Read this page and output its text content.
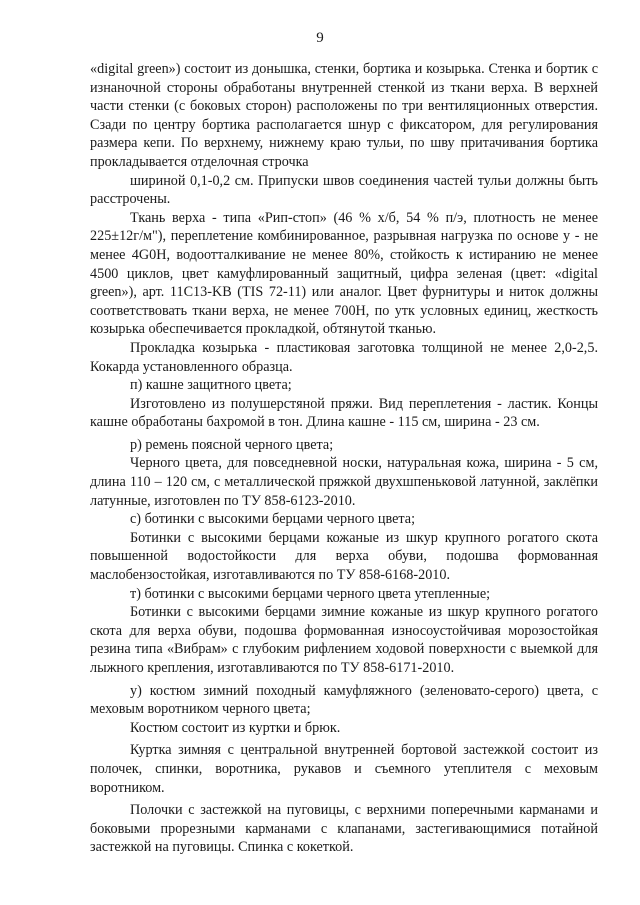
9

«digital green») состоит из донышка, стенки, бортика и козырька. Стенка и бортик с изнаночной стороны обработаны внутренней стенкой из ткани верха. В верхней части стенки (с боковых сторон) расположены по три вентиляционных отверстия. Сзади по центру бортика располагается шнур с фиксатором, для регулирования размера кепи. По верхнему, нижнему краю тульи, по шву притачивания бортика прокладывается отделочная строчка

шириной 0,1-0,2 см. Припуски швов соединения частей тульи должны быть расстрочены.

Ткань верха - типа «Рип-стоп» (46 % х/б, 54 % п/э, плотность не менее 225±12г/м"), переплетение комбинированное, разрывная нагрузка по основе у - не менее 4G0H, водоотталкивание не менее 80%, стойкость к истиранию не менее 4500 циклов, цвет камуфлированный защитный, цифра зеленая (цвет: «digital green»), арт. 11C13-KB (TIS 72-11) или аналог. Цвет фурнитуры и ниток должны соответствовать ткани верха, не менее 700Н, по утк условных единиц, жесткость козырька обеспечивается прокладкой, обтянутой тканью.

Прокладка козырька - пластиковая заготовка толщиной не менее 2,0-2,5. Кокарда установленного образца.

п) кашне защитного цвета;

Изготовлено из полушерстяной пряжи. Вид переплетения - ластик. Концы кашне обработаны бахромой в тон. Длина кашне - 115 см, ширина - 23 см.

р) ремень поясной черного цвета;

Черного цвета, для повседневной носки, натуральная кожа, ширина - 5 см, длина 110 – 120 см, с металлической пряжкой двухшпеньковой латунной, заклёпки латунные, изготовлен по ТУ 858-6123-2010.

с) ботинки с высокими берцами черного цвета;

Ботинки с высокими берцами кожаные из шкур крупного рогатого скота повышенной водостойкости для верха обуви, подошва формованная маслобензостойкая, изготавливаются по ТУ 858-6168-2010.

т) ботинки с высокими берцами черного цвета утепленные;

Ботинки с высокими берцами зимние кожаные из шкур крупного рогатого скота для верха обуви, подошва формованная износоустойчивая морозостойкая резина типа «Вибрам» с глубоким рифлением ходовой поверхности с выемкой для лыжного крепления, изготавливаются по ТУ 858-6171-2010.

у) костюм зимний походный камуфляжного (зеленовато-серого) цвета, с меховым воротником черного цвета;

Костюм состоит из куртки и брюк.

Куртка зимняя с центральной внутренней бортовой застежкой состоит из полочек, спинки, воротника, рукавов и съемного утеплителя с меховым воротником.

Полочки с застежкой на пуговицы, с верхними поперечными карманами и боковыми прорезными карманами с клапанами, застегивающимися потайной застежкой на пуговицы. Спинка с кокеткой.
